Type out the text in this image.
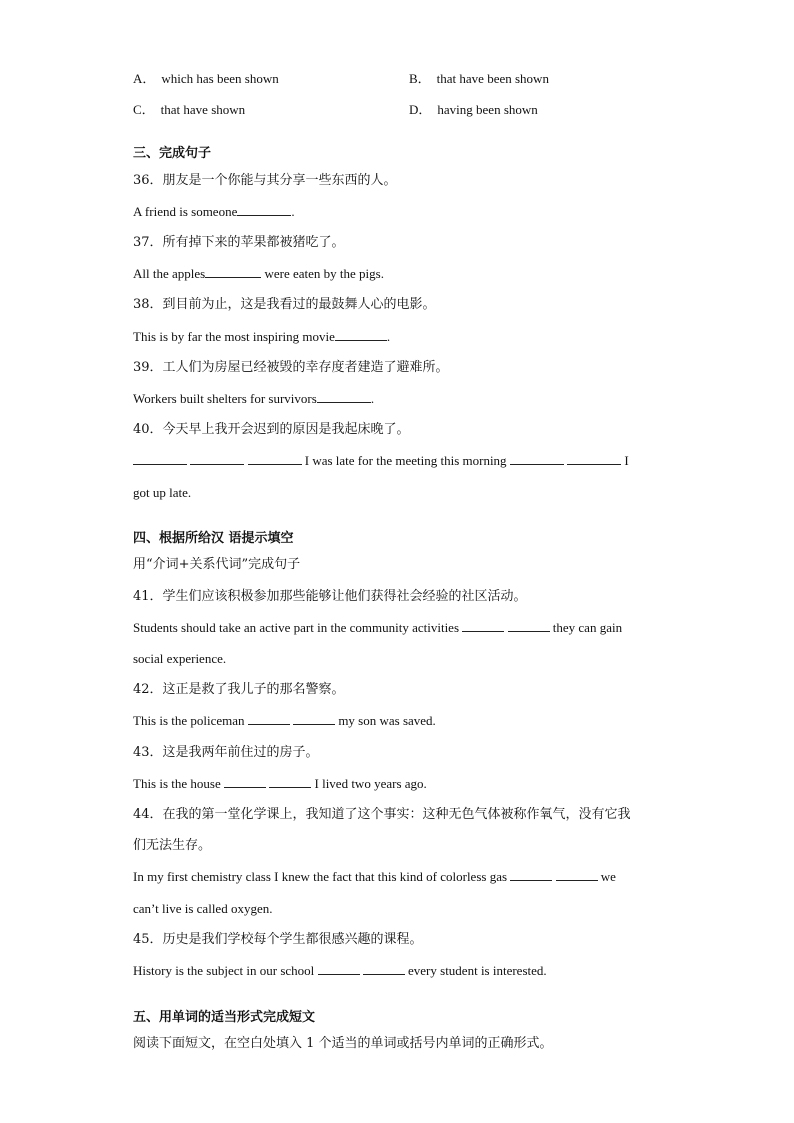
A． which has been shown	B． that have been shown
C． that have shown	D． having been shown
三、完成句子
36．朋友是一个你能与其分享一些东西的人。
A friend is someone	.
37．所有掉下来的苹果都被猪吃了。
All the apples	were eaten by the pigs.
38．到目前为止，这是我看过的最鼓舞人心的电影。
This is by far the most inspiring movie	.
39．工人们为房屋已经被毁的幸存度者建造了避难所。
Workers built shelters for survivors	.
40．今天早上我开会迟到的原因是我起床晚了。
I was late for the meeting this morning	I
got up late.
四、根据所给汉 语提示填空
用“介词+关系代词”完成句子
41．学生们应该积极参加那些能够让他们获得社会经验的社区活动。
Students should take an active part in the community activities	they can gain
social experience.
42．这正是救了我儿子的那名警察。
This is the policeman	my son was saved.
43．这是我两年前住过的房子。
This is the house	I lived two years ago.
44．在我的第一堂化学课上，我知道了这个事实：这种无色气体被称作氧气，没有它我
们无法生存。
In my first chemistry class I knew the fact that this kind of colorless gas	we
can’t live is called oxygen.
45．历史是我们学校每个学生都很感兴趣的课程。
History is the subject in our school	every student is interested.
五、用单词的适当形式完成短文
阅读下面短文，在空白处填入 1 个适当的单词或括号内单词的正确形式。
